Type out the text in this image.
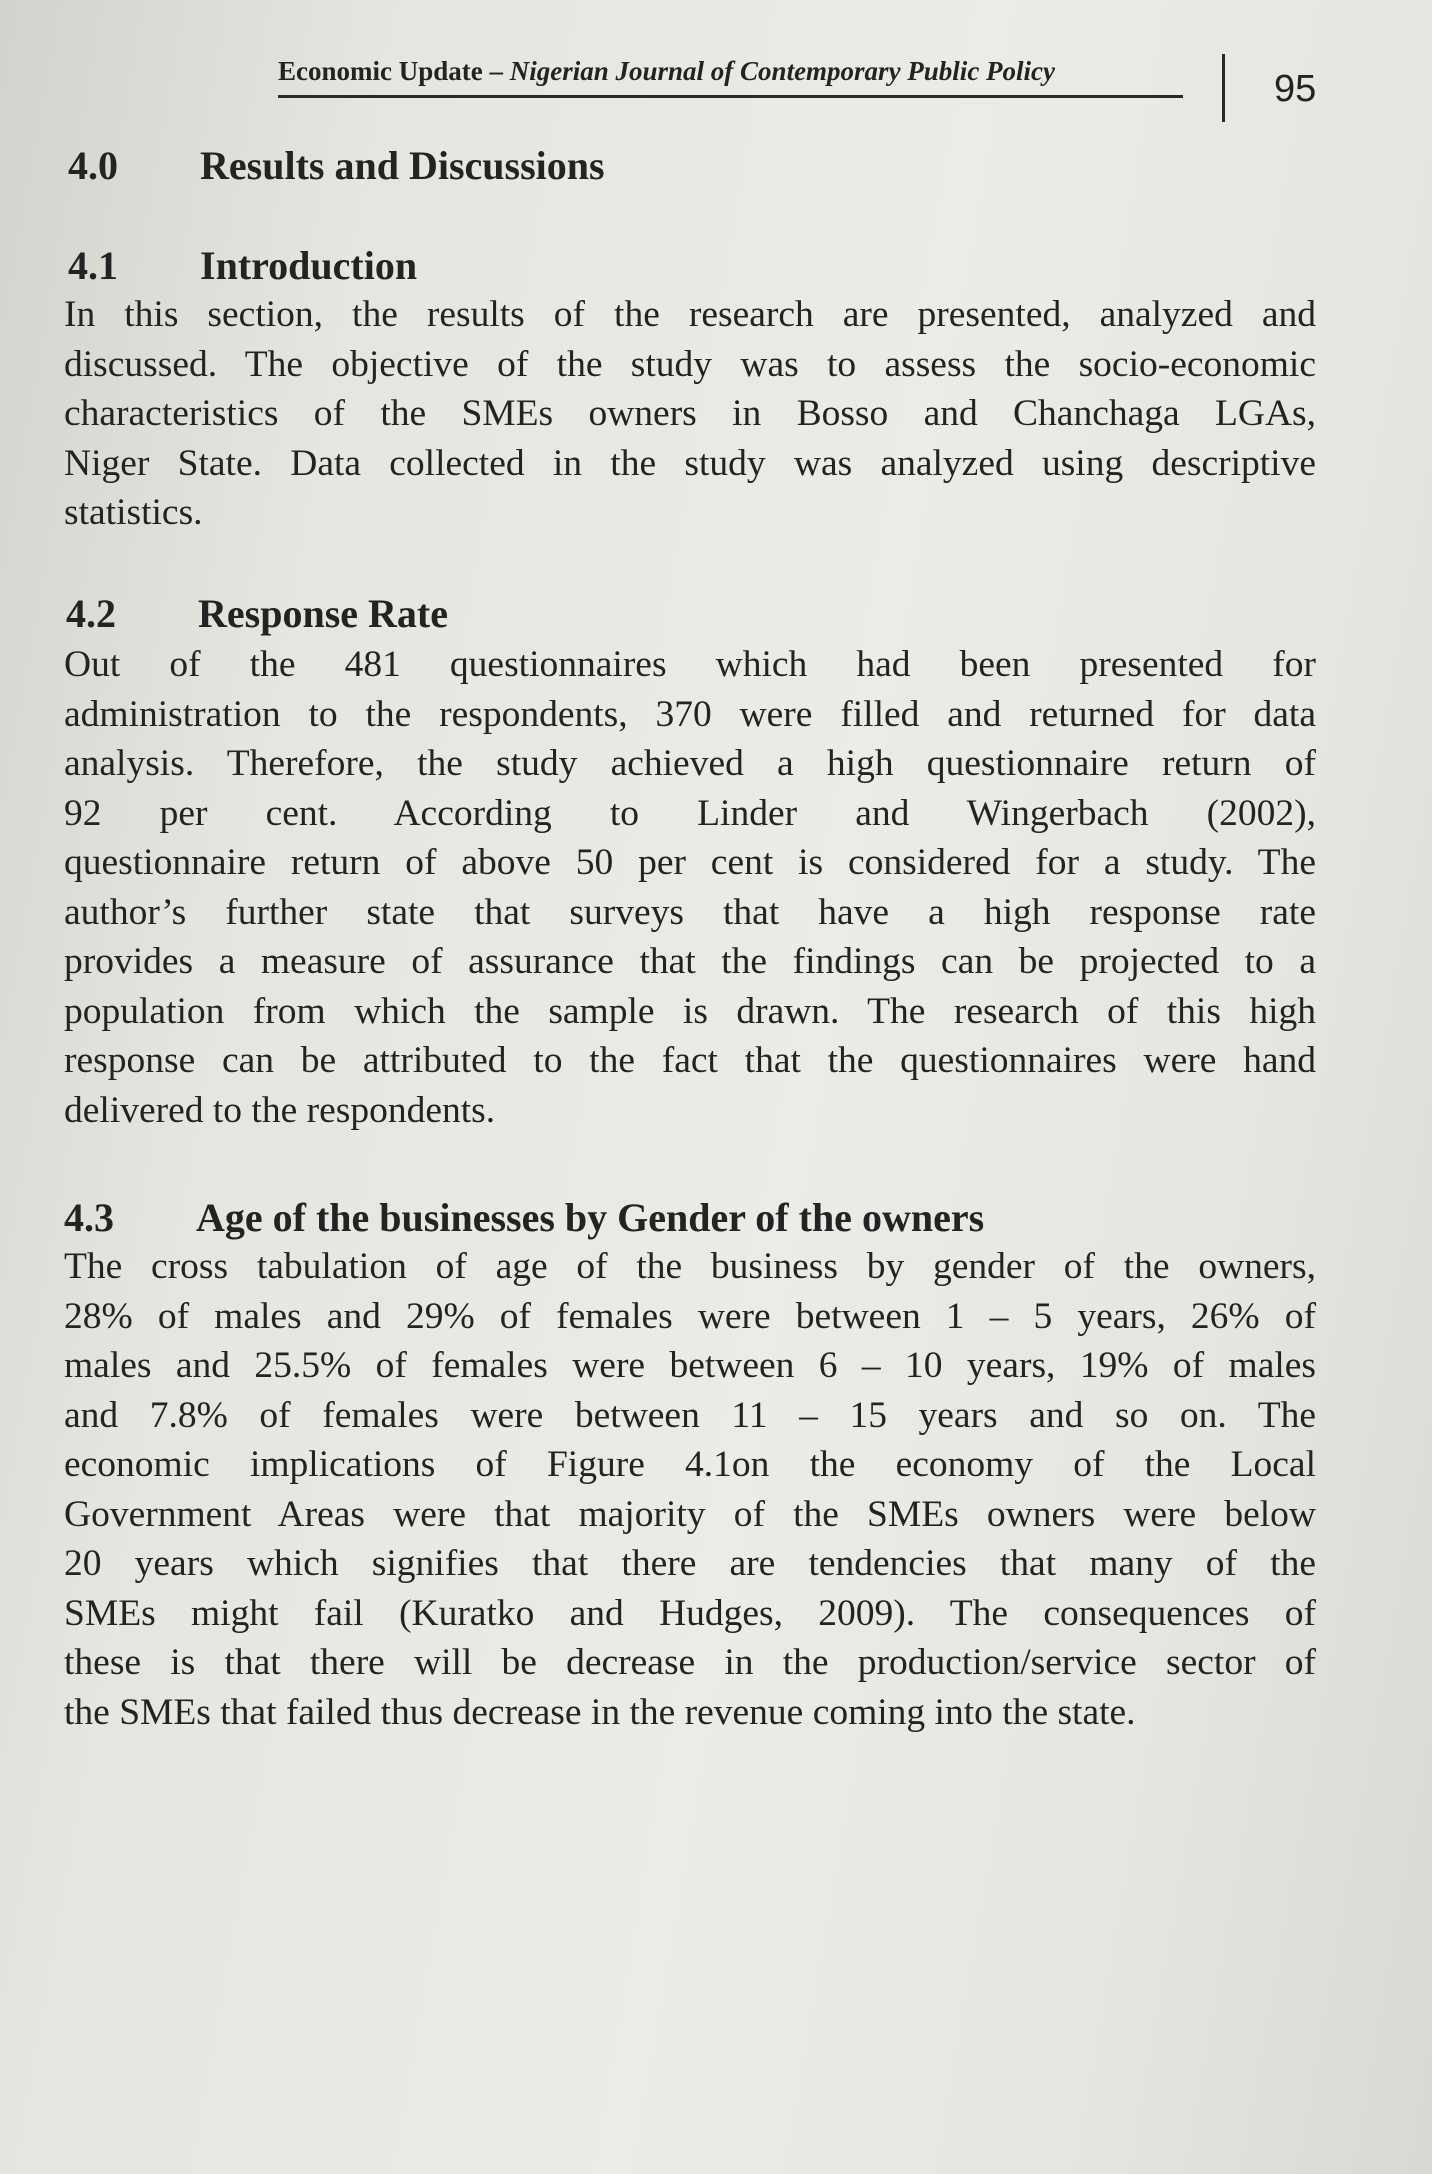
Economic Update – Nigerian Journal of Contemporary Public Policy	95
4.0 Results and Discussions
4.1 Introduction
In this section, the results of the research are presented, analyzed and
discussed. The objective of the study was to assess the socio-economic
characteristics of the SMEs owners in Bosso and Chanchaga LGAs,
Niger State. Data collected in the study was analyzed using descriptive
statistics.
4.2 Response Rate
Out of the 481 questionnaires which had been presented for
administration to the respondents, 370 were filled and returned for data
analysis. Therefore, the study achieved a high questionnaire return of
92 per cent. According to Linder and Wingerbach (2002),
questionnaire return of above 50 per cent is considered for a study. The
author’s further state that surveys that have a high response rate
provides a measure of assurance that the findings can be projected to a
population from which the sample is drawn. The research of this high
response can be attributed to the fact that the questionnaires were hand
delivered to the respondents.
4.3 Age of the businesses by Gender of the owners
The cross tabulation of age of the business by gender of the owners,
28% of males and 29% of females were between 1 – 5 years, 26% of
males and 25.5% of females were between 6 – 10 years, 19% of males
and 7.8% of females were between 11 – 15 years and so on. The
economic implications of Figure 4.1on the economy of the Local
Government Areas were that majority of the SMEs owners were below
20 years which signifies that there are tendencies that many of the
SMEs might fail (Kuratko and Hudges, 2009). The consequences of
these is that there will be decrease in the production/service sector of
the SMEs that failed thus decrease in the revenue coming into the state.
